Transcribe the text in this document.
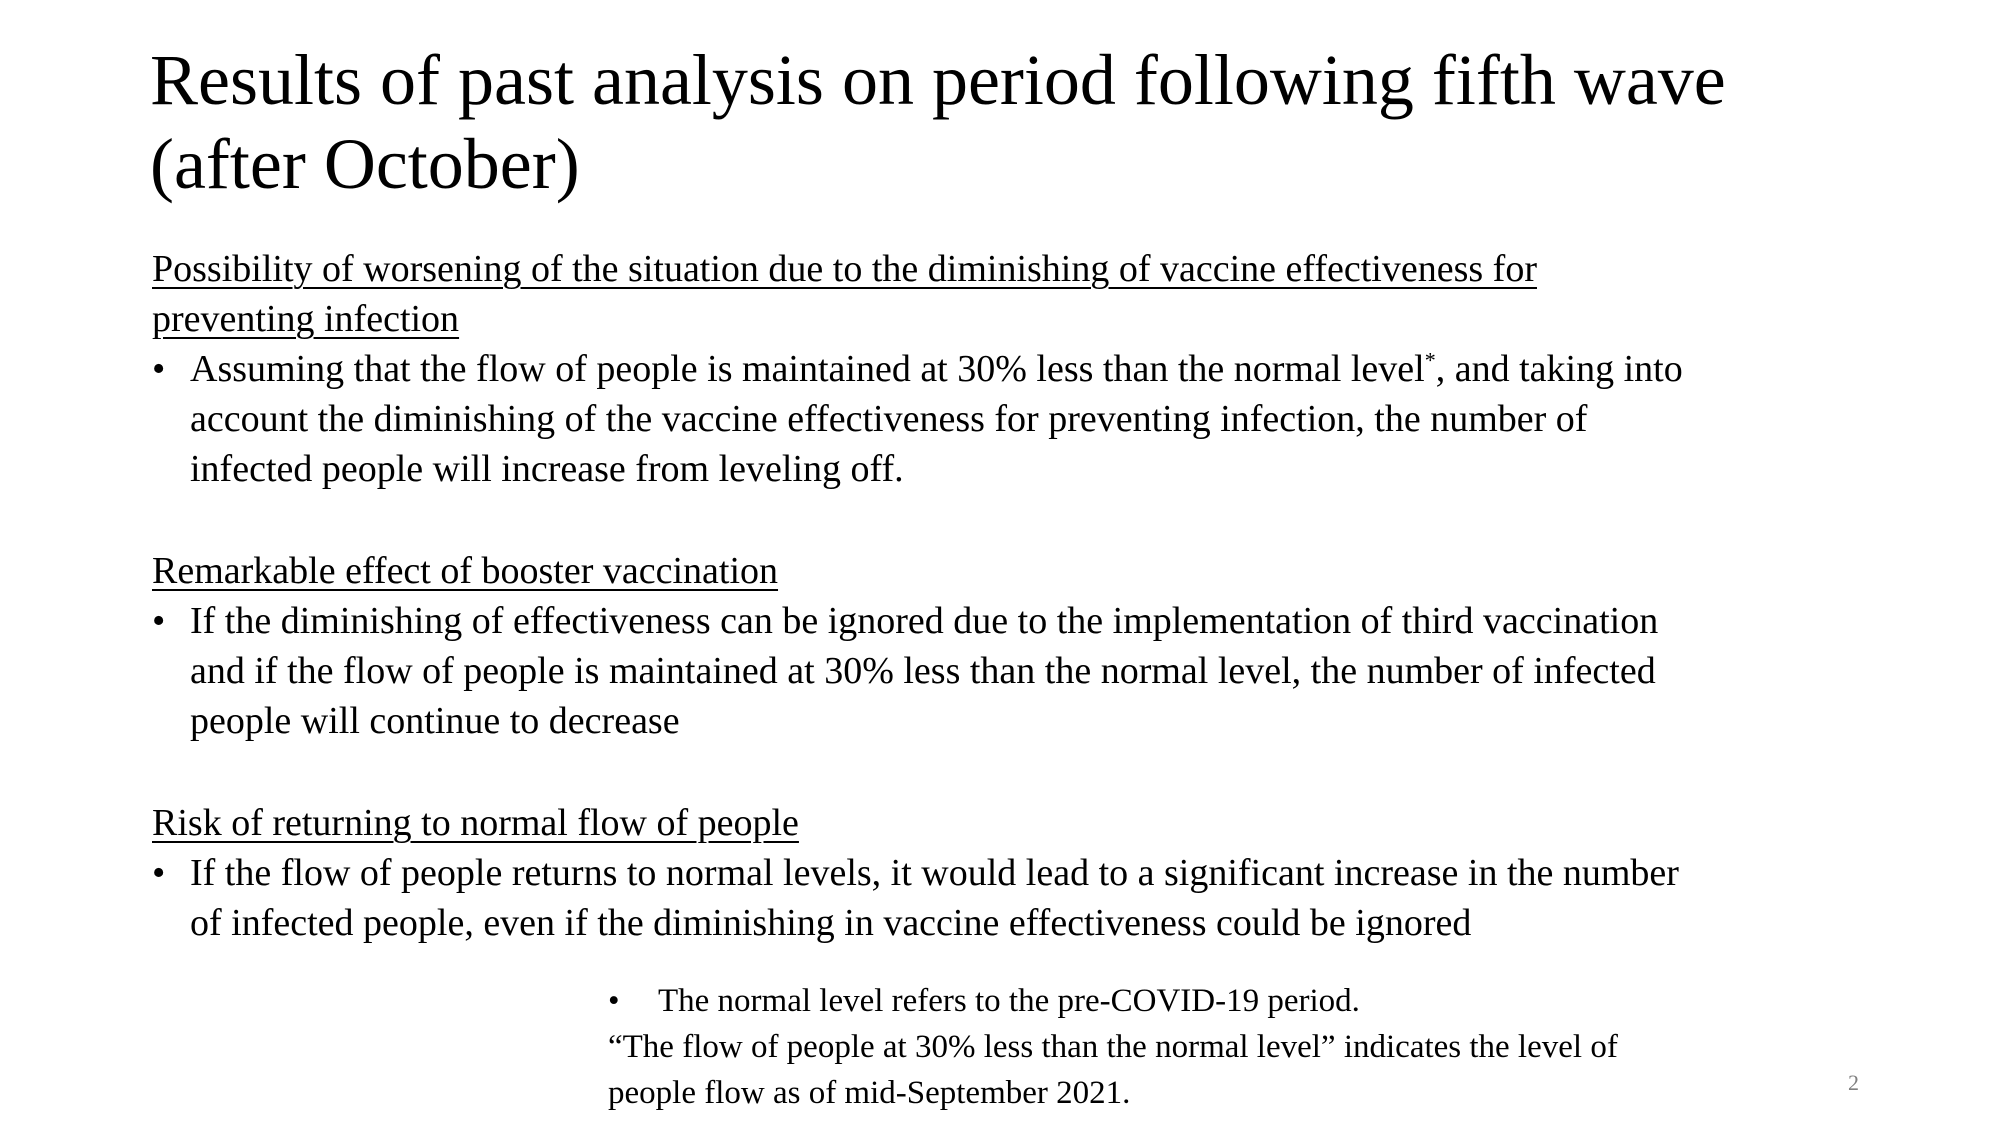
Results of past analysis on period following fifth wave
(after October)
Possibility of worsening of the situation due to the diminishing of vaccine effectiveness for
preventing infection
• Assuming that the flow of people is maintained at 30% less than the normal level*, and taking into
account the diminishing of the vaccine effectiveness for preventing infection, the number of
infected people will increase from leveling off.
Remarkable effect of booster vaccination
• If the diminishing of effectiveness can be ignored due to the implementation of third vaccination
and if the flow of people is maintained at 30% less than the normal level, the number of infected
people will continue to decrease
Risk of returning to normal flow of people
• If the flow of people returns to normal levels, it would lead to a significant increase in the number
of infected people, even if the diminishing in vaccine effectiveness could be ignored
• The normal level refers to the pre-COVID-19 period.
“The flow of people at 30% less than the normal level” indicates the level of
people flow as of mid-September 2021.	2
